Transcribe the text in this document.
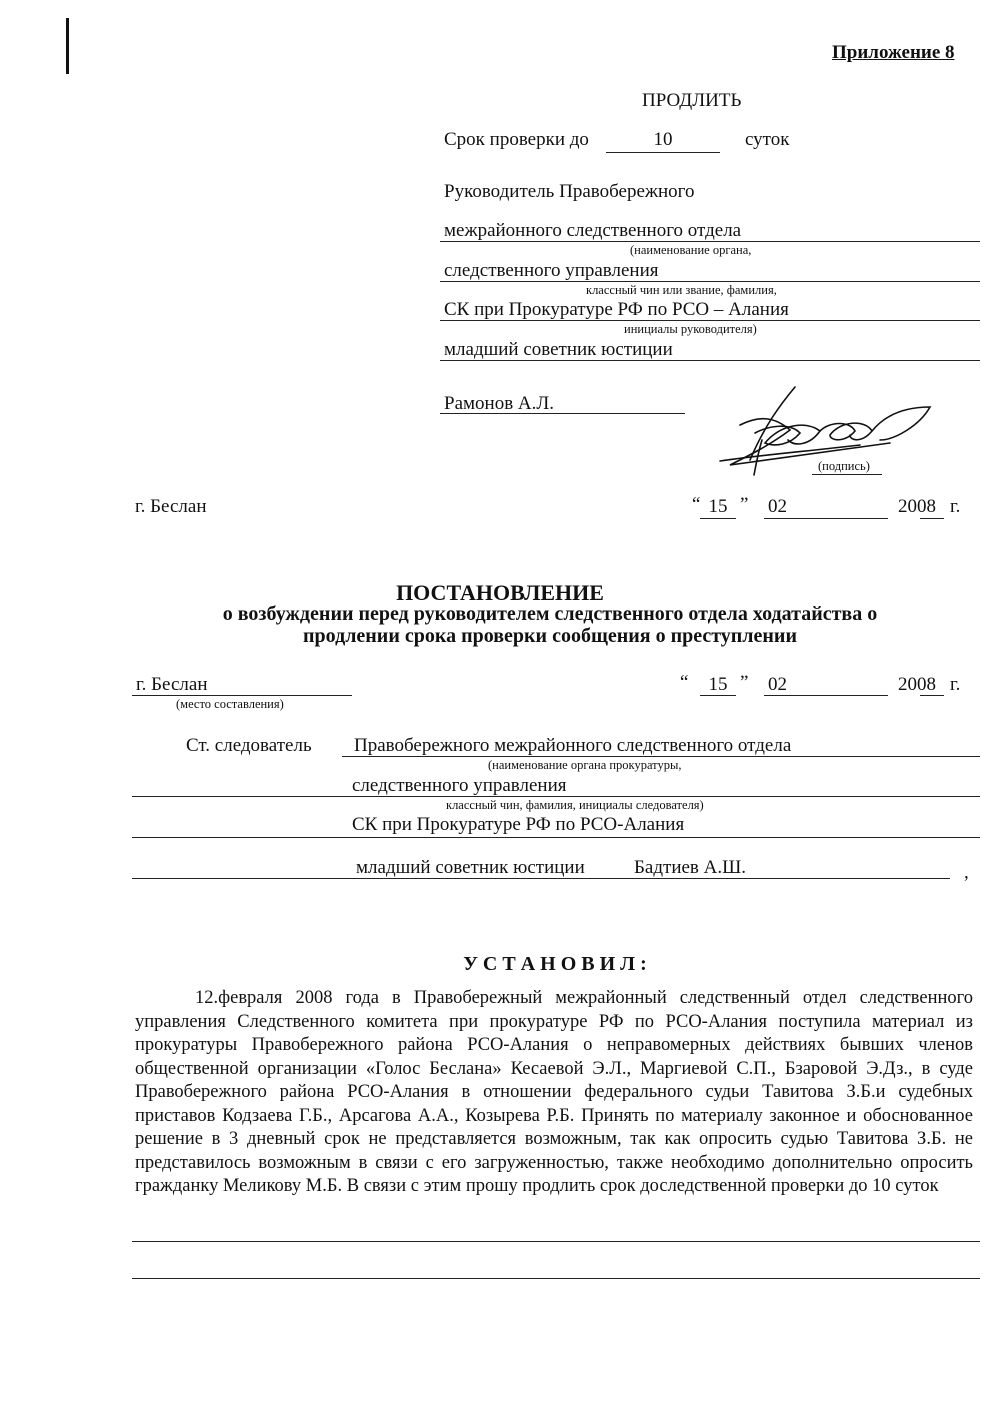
Приложение 8
ПРОДЛИТЬ
Срок проверки до	10	суток
Руководитель Правобережного
межрайонного следственного отдела
(наименование органа,
следственного управления
классный чин или звание, фамилия,
СК при Прокуратуре РФ по РСО – Алания
инициалы руководителя)
младший советник юстиции
Рамонов А.Л.
(подпись)
г. Беслан	“ 15 ” 02	2008 г.
ПОСТАНОВЛЕНИЕ
о возбуждении перед руководителем следственного отдела ходатайства о
продлении срока проверки сообщения о преступлении
г. Беслан
(место составления)
“	15 ” 02	2008 г.
Ст. следователь Правобережного межрайонного следственного отдела
(наименование органа прокуратуры,
следственного управления
классный чин, фамилия, инициалы следователя)
СК при Прокуратуре РФ по РСО-Алания
младший советник юстиции	Бадтиев А.Ш.	,
У С Т А Н О В И Л :
12.февраля 2008 года в Правобережный межрайонный следственный отдел следственного управления Следственного комитета при прокуратуре РФ по РСО-Алания поступила материал из прокуратуры Правобережного района РСО-Алания о неправомерных действиях бывших членов общественной организации «Голос Беслана» Кесаевой Э.Л., Маргиевой С.П., Бзаровой Э.Дз., в суде Правобережного района РСО-Алания в отношении федерального судьи Тавитова З.Б.и судебных приставов Кодзаева Г.Б., Арсагова А.А., Козырева Р.Б. Принять по материалу законное и обоснованное решение в 3 дневный срок не представляется возможным, так как опросить судью Тавитова З.Б. не представилось возможным в связи с его загруженностью, также необходимо дополнительно опросить гражданку Меликову М.Б. В связи с этим прошу продлить срок доследственной проверки до 10 суток
